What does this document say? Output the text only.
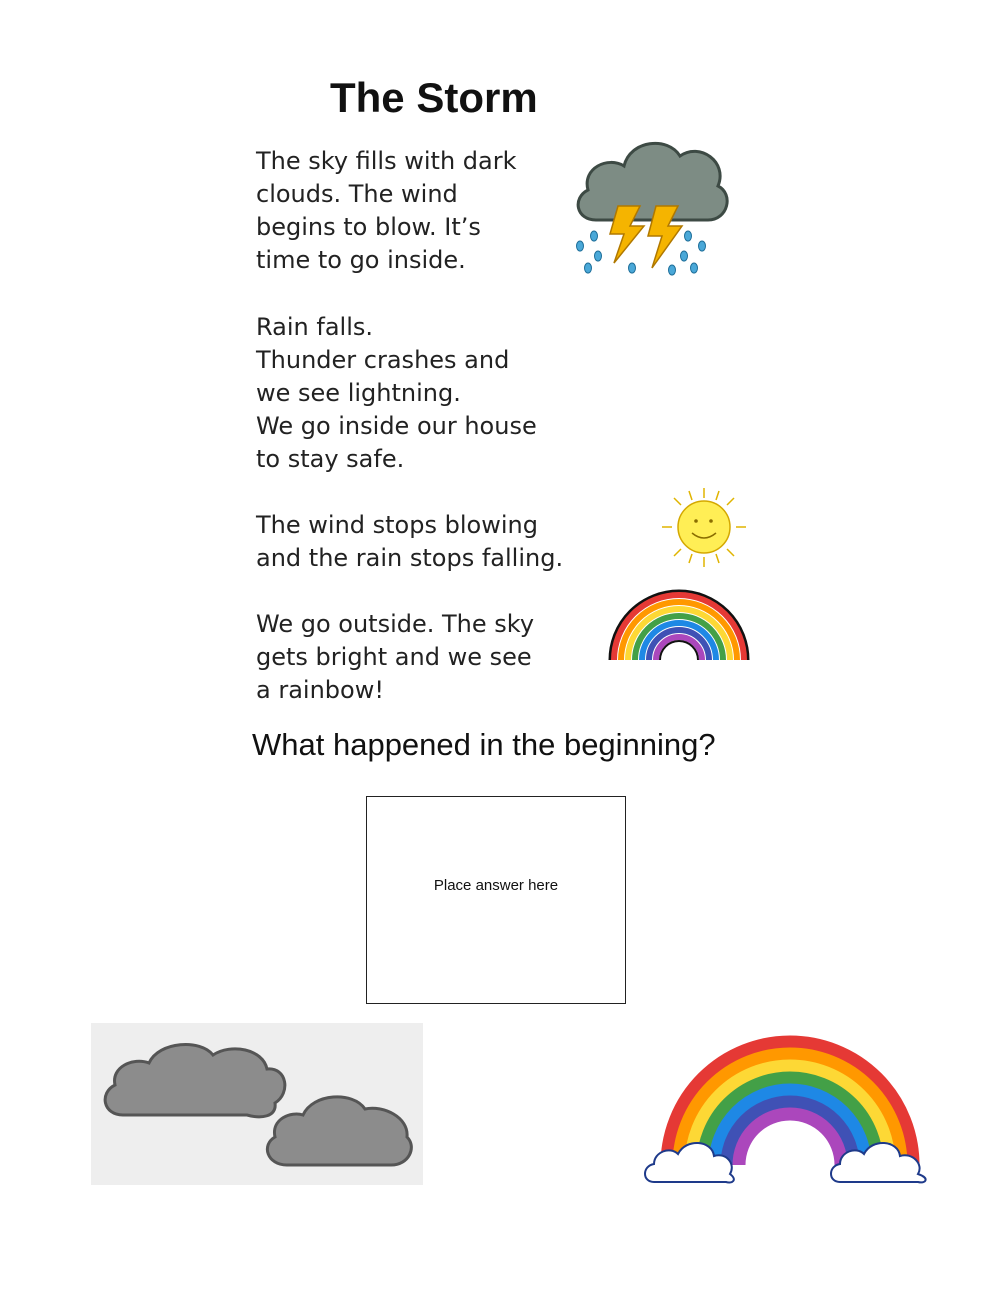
The Storm

The sky fills with dark
clouds. The wind
begins to blow. It’s
time to go inside.

Rain falls.
Thunder crashes and
we see lightning.
We go inside our house
to stay safe.

The wind stops blowing
and the rain stops falling.

We go outside. The sky
gets bright and we see
a rainbow!

What happened in the beginning?
Place answer here
